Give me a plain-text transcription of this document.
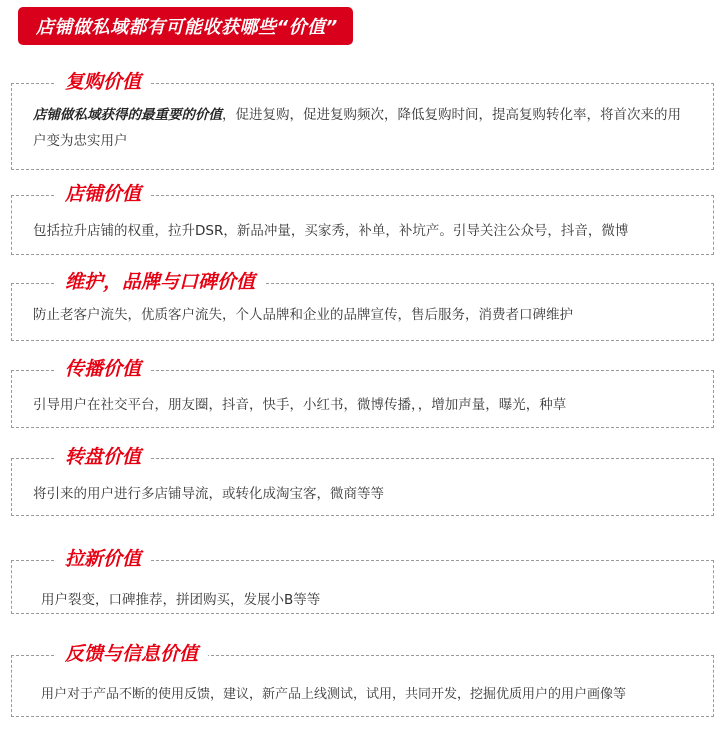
店铺做私域都有可能收获哪些“价值”
复购价值
店铺做私域获得的最重要的价值，促进复购，促进复购频次，降低复购时间，提高复购转化率，将首次来的用户变为忠实用户
店铺价值
包括拉升店铺的权重，拉升DSR，新品冲量，买家秀，补单，补坑产。引导关注公众号，抖音，微博
维护，品牌与口碑价值
防止老客户流失，优质客户流失，个人品牌和企业的品牌宣传，售后服务，消费者口碑维护
传播价值
引导用户在社交平台，朋友圈，抖音，快手，小红书，微博传播，，增加声量，曝光，种草
转盘价值
将引来的用户进行多店铺导流，或转化成淘宝客，微商等等
拉新价值
用户裂变，口碑推荐，拼团购买，发展小B等等
反馈与信息价值
用户对于产品不断的使用反馈，建议，新产品上线测试，试用，共同开发，挖掘优质用户的用户画像等
